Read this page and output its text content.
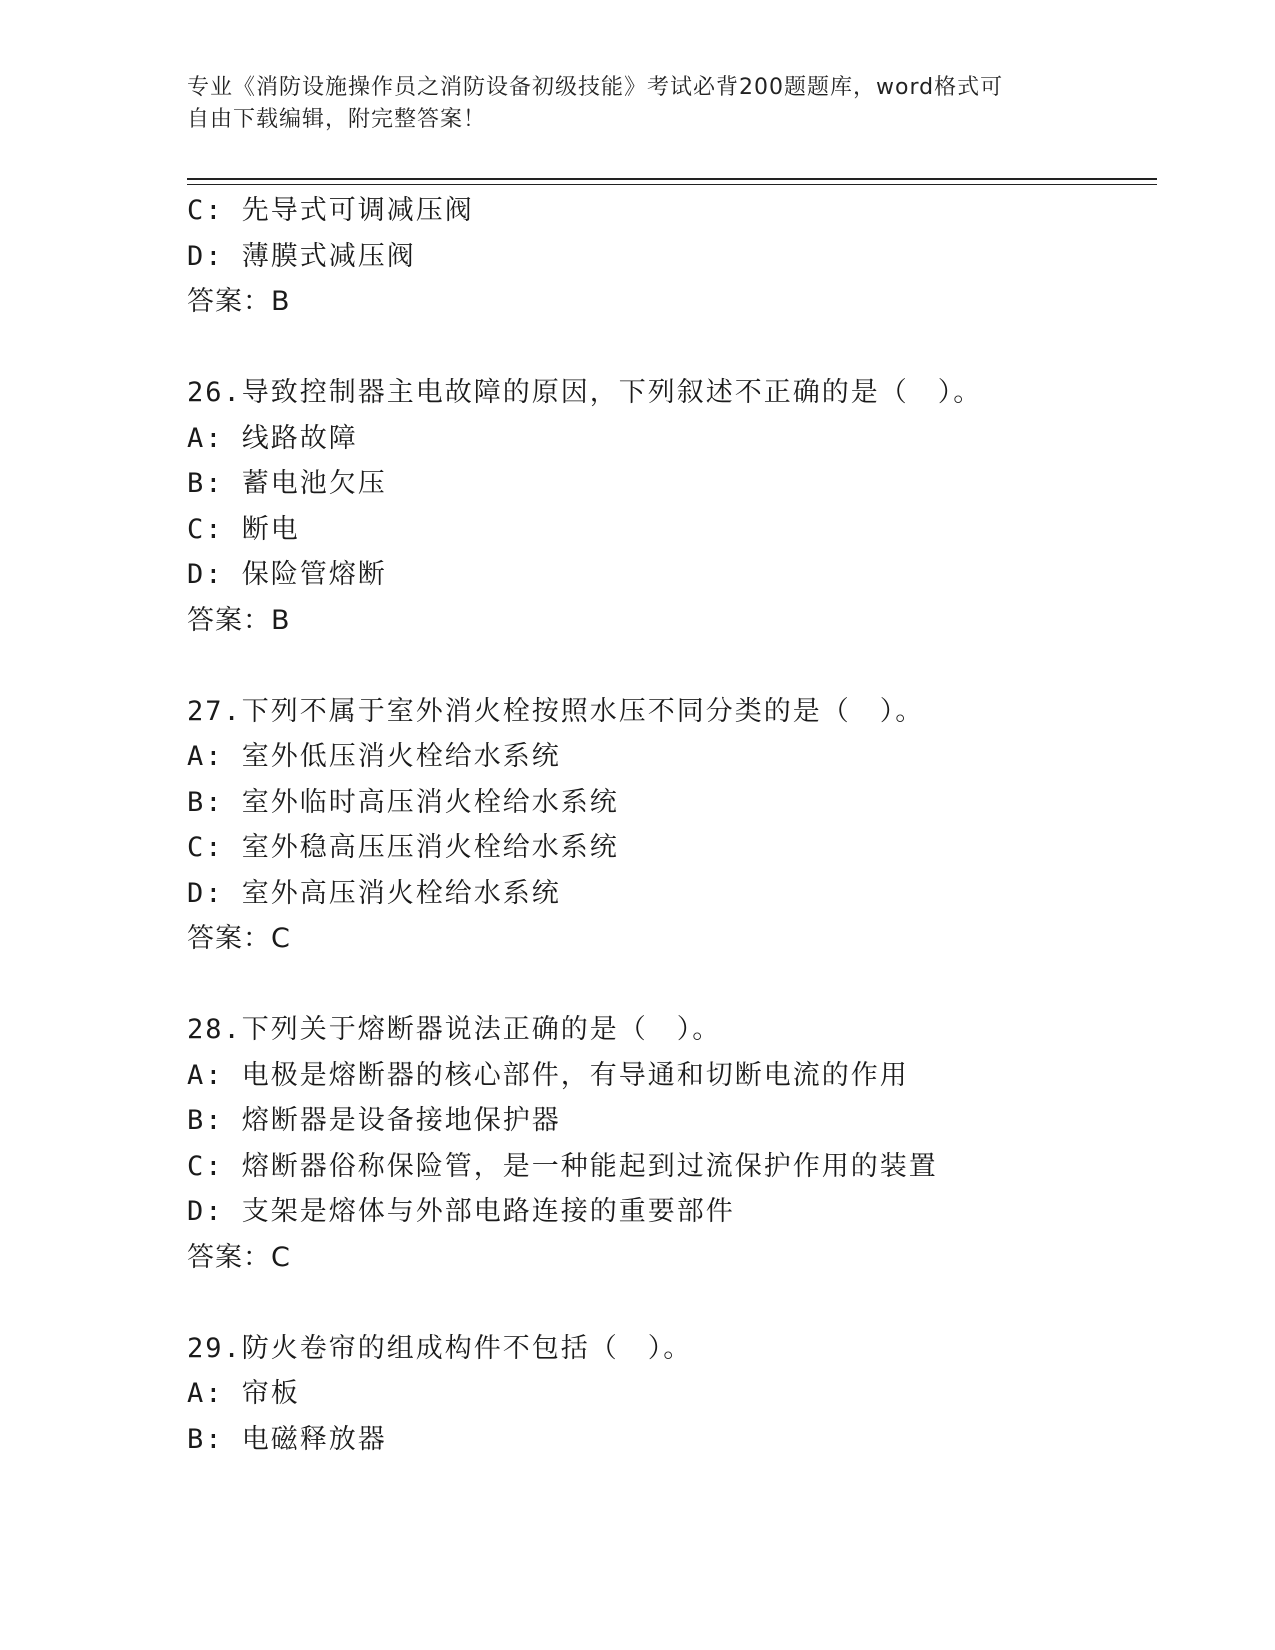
专业《消防设施操作员之消防设备初级技能》考试必背200题题库，word格式可
自由下载编辑，附完整答案！
C: 先导式可调减压阀
D: 薄膜式减压阀
答案：B
26.导致控制器主电故障的原因，下列叙述不正确的是（　）。
A: 线路故障
B: 蓄电池欠压
C: 断电
D: 保险管熔断
答案：B
27.下列不属于室外消火栓按照水压不同分类的是（　）。
A: 室外低压消火栓给水系统
B: 室外临时高压消火栓给水系统
C: 室外稳高压压消火栓给水系统
D: 室外高压消火栓给水系统
答案：C
28.下列关于熔断器说法正确的是（　）。
A: 电极是熔断器的核心部件，有导通和切断电流的作用
B: 熔断器是设备接地保护器
C: 熔断器俗称保险管，是一种能起到过流保护作用的装置
D: 支架是熔体与外部电路连接的重要部件
答案：C
29.防火卷帘的组成构件不包括（　）。
A: 帘板
B: 电磁释放器
